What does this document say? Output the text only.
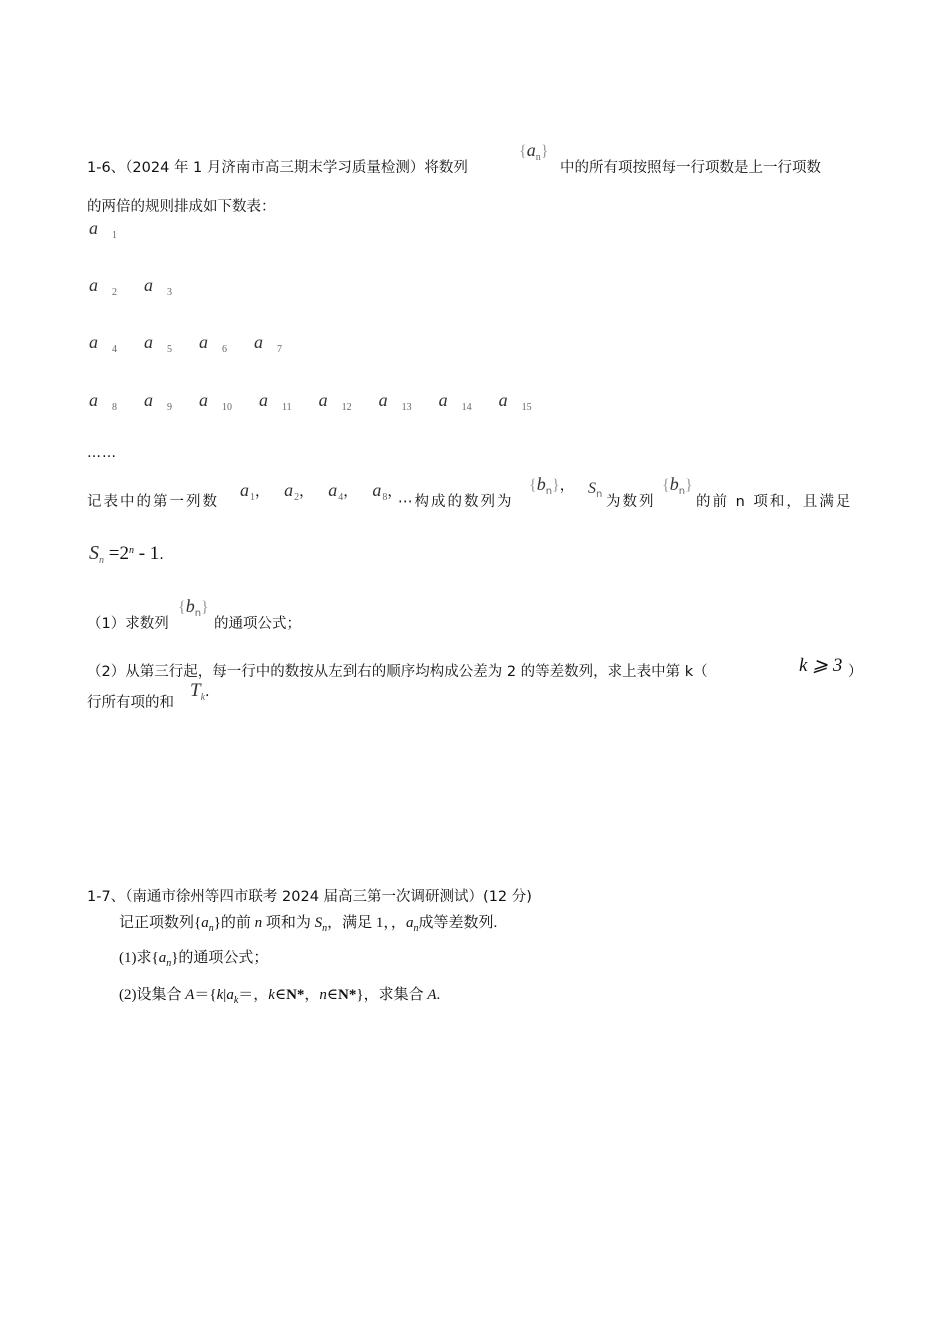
1-6、（2024 年 1 月济南市高三期末学习质量检测）将数列
$\{a_n\}$
中的所有项按照每一行项数是上一行项数
的两倍的规则排成如下数表：
a $_1$
a $_2$ a $_3$
a $_4$ a $_5$ a $_6$ a $_7$
a $_8$ a $_9$ a $_{10}$ a $_{11}$ a $_{12}$ a $_{13}$ a $_{14}$ a $_{15}$
……
记表中的第一列数
$a_1$， $a_2$， $a_4$， $a_8$，
⋯构成的数列为
$\{b_n\}$， $S_n$ 为数列
$\{b_n\}$
的前 n 项和，且满足
$S_n =2^n - 1$.
（1）求数列
$\{b_n\}$
的通项公式；
（2）从第三行起，每一行中的数按从左到右的顺序均构成公差为 2 的等差数列，求上表中第 k（	k ⩾ 3 ）
行所有项的和
$T_k$.
1-7、（南通市徐州等四市联考 2024 届高三第一次调研测试）(12 分)
记正项数列$\{a_n\}$的前 n 项和为 $S_n$，满足 1，，$a_n$成等差数列.
(1)求$\{a_n\}$的通项公式；
(2)设集合 $A=\{k|a_k=$，k∈N*，n∈N*}，求集合 A.
